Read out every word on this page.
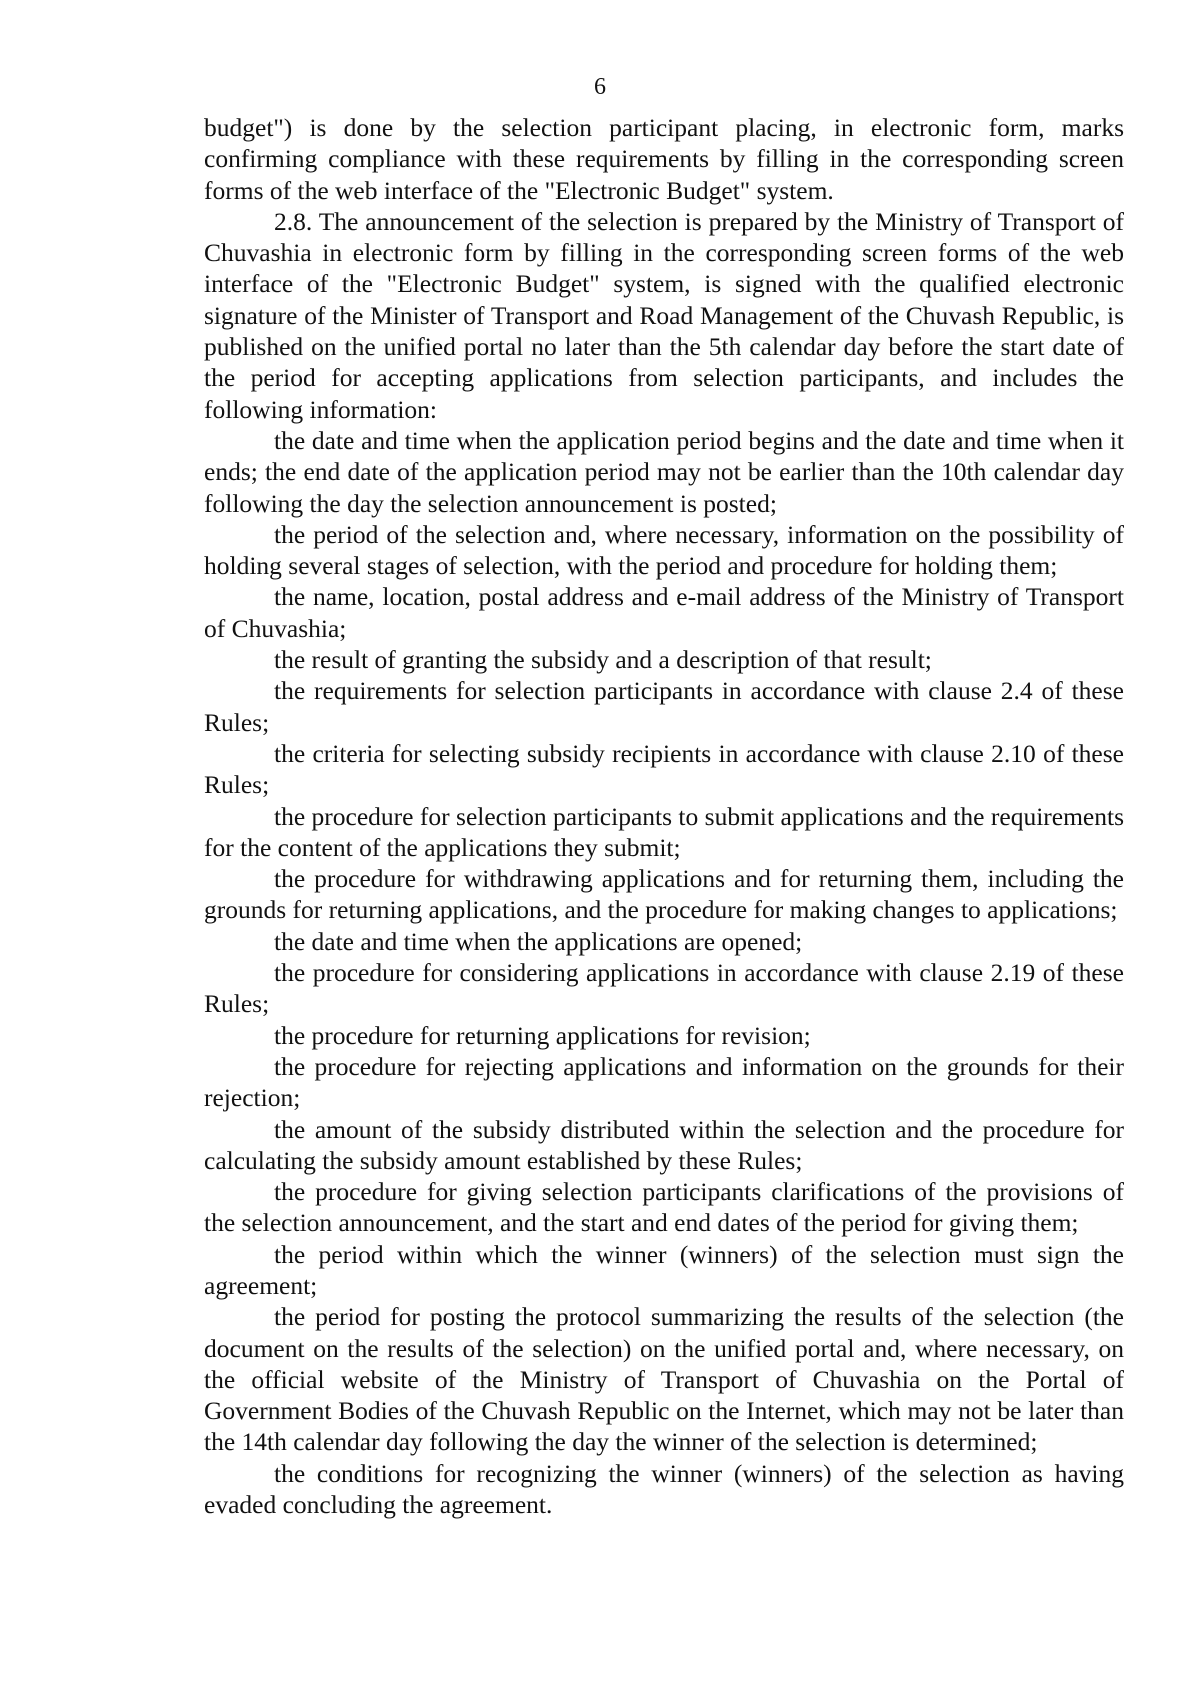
6

budget") is done by the selection participant placing, in electronic form, marks confirming compliance with these requirements by filling in the corresponding screen forms of the web interface of the "Electronic Budget" system.

2.8. The announcement of the selection is prepared by the Ministry of Transport of Chuvashia in electronic form by filling in the corresponding screen forms of the web interface of the "Electronic Budget" system, is signed with the qualified electronic signature of the Minister of Transport and Road Management of the Chuvash Republic, is published on the unified portal no later than the 5th calendar day before the start date of the period for accepting applications from selection participants, and includes the following information:

the date and time when the application period begins and the date and time when it ends; the end date of the application period may not be earlier than the 10th calendar day following the day the selection announcement is posted;

the period of the selection and, where necessary, information on the possibility of holding several stages of selection, with the period and procedure for holding them;

the name, location, postal address and e-mail address of the Ministry of Transport of Chuvashia;

the result of granting the subsidy and a description of that result;

the requirements for selection participants in accordance with clause 2.4 of these Rules;

the criteria for selecting subsidy recipients in accordance with clause 2.10 of these Rules;

the procedure for selection participants to submit applications and the requirements for the content of the applications they submit;

the procedure for withdrawing applications and for returning them, including the grounds for returning applications, and the procedure for making changes to applications;

the date and time when the applications are opened;

the procedure for considering applications in accordance with clause 2.19 of these Rules;

the procedure for returning applications for revision;

the procedure for rejecting applications and information on the grounds for their rejection;

the amount of the subsidy distributed within the selection and the procedure for calculating the subsidy amount established by these Rules;

the procedure for giving selection participants clarifications of the provisions of the selection announcement, and the start and end dates of the period for giving them;

the period within which the winner (winners) of the selection must sign the agreement;

the period for posting the protocol summarizing the results of the selection (the document on the results of the selection) on the unified portal and, where necessary, on the official website of the Ministry of Transport of Chuvashia on the Portal of Government Bodies of the Chuvash Republic on the Internet, which may not be later than the 14th calendar day following the day the winner of the selection is determined;

the conditions for recognizing the winner (winners) of the selection as having evaded concluding the agreement.
